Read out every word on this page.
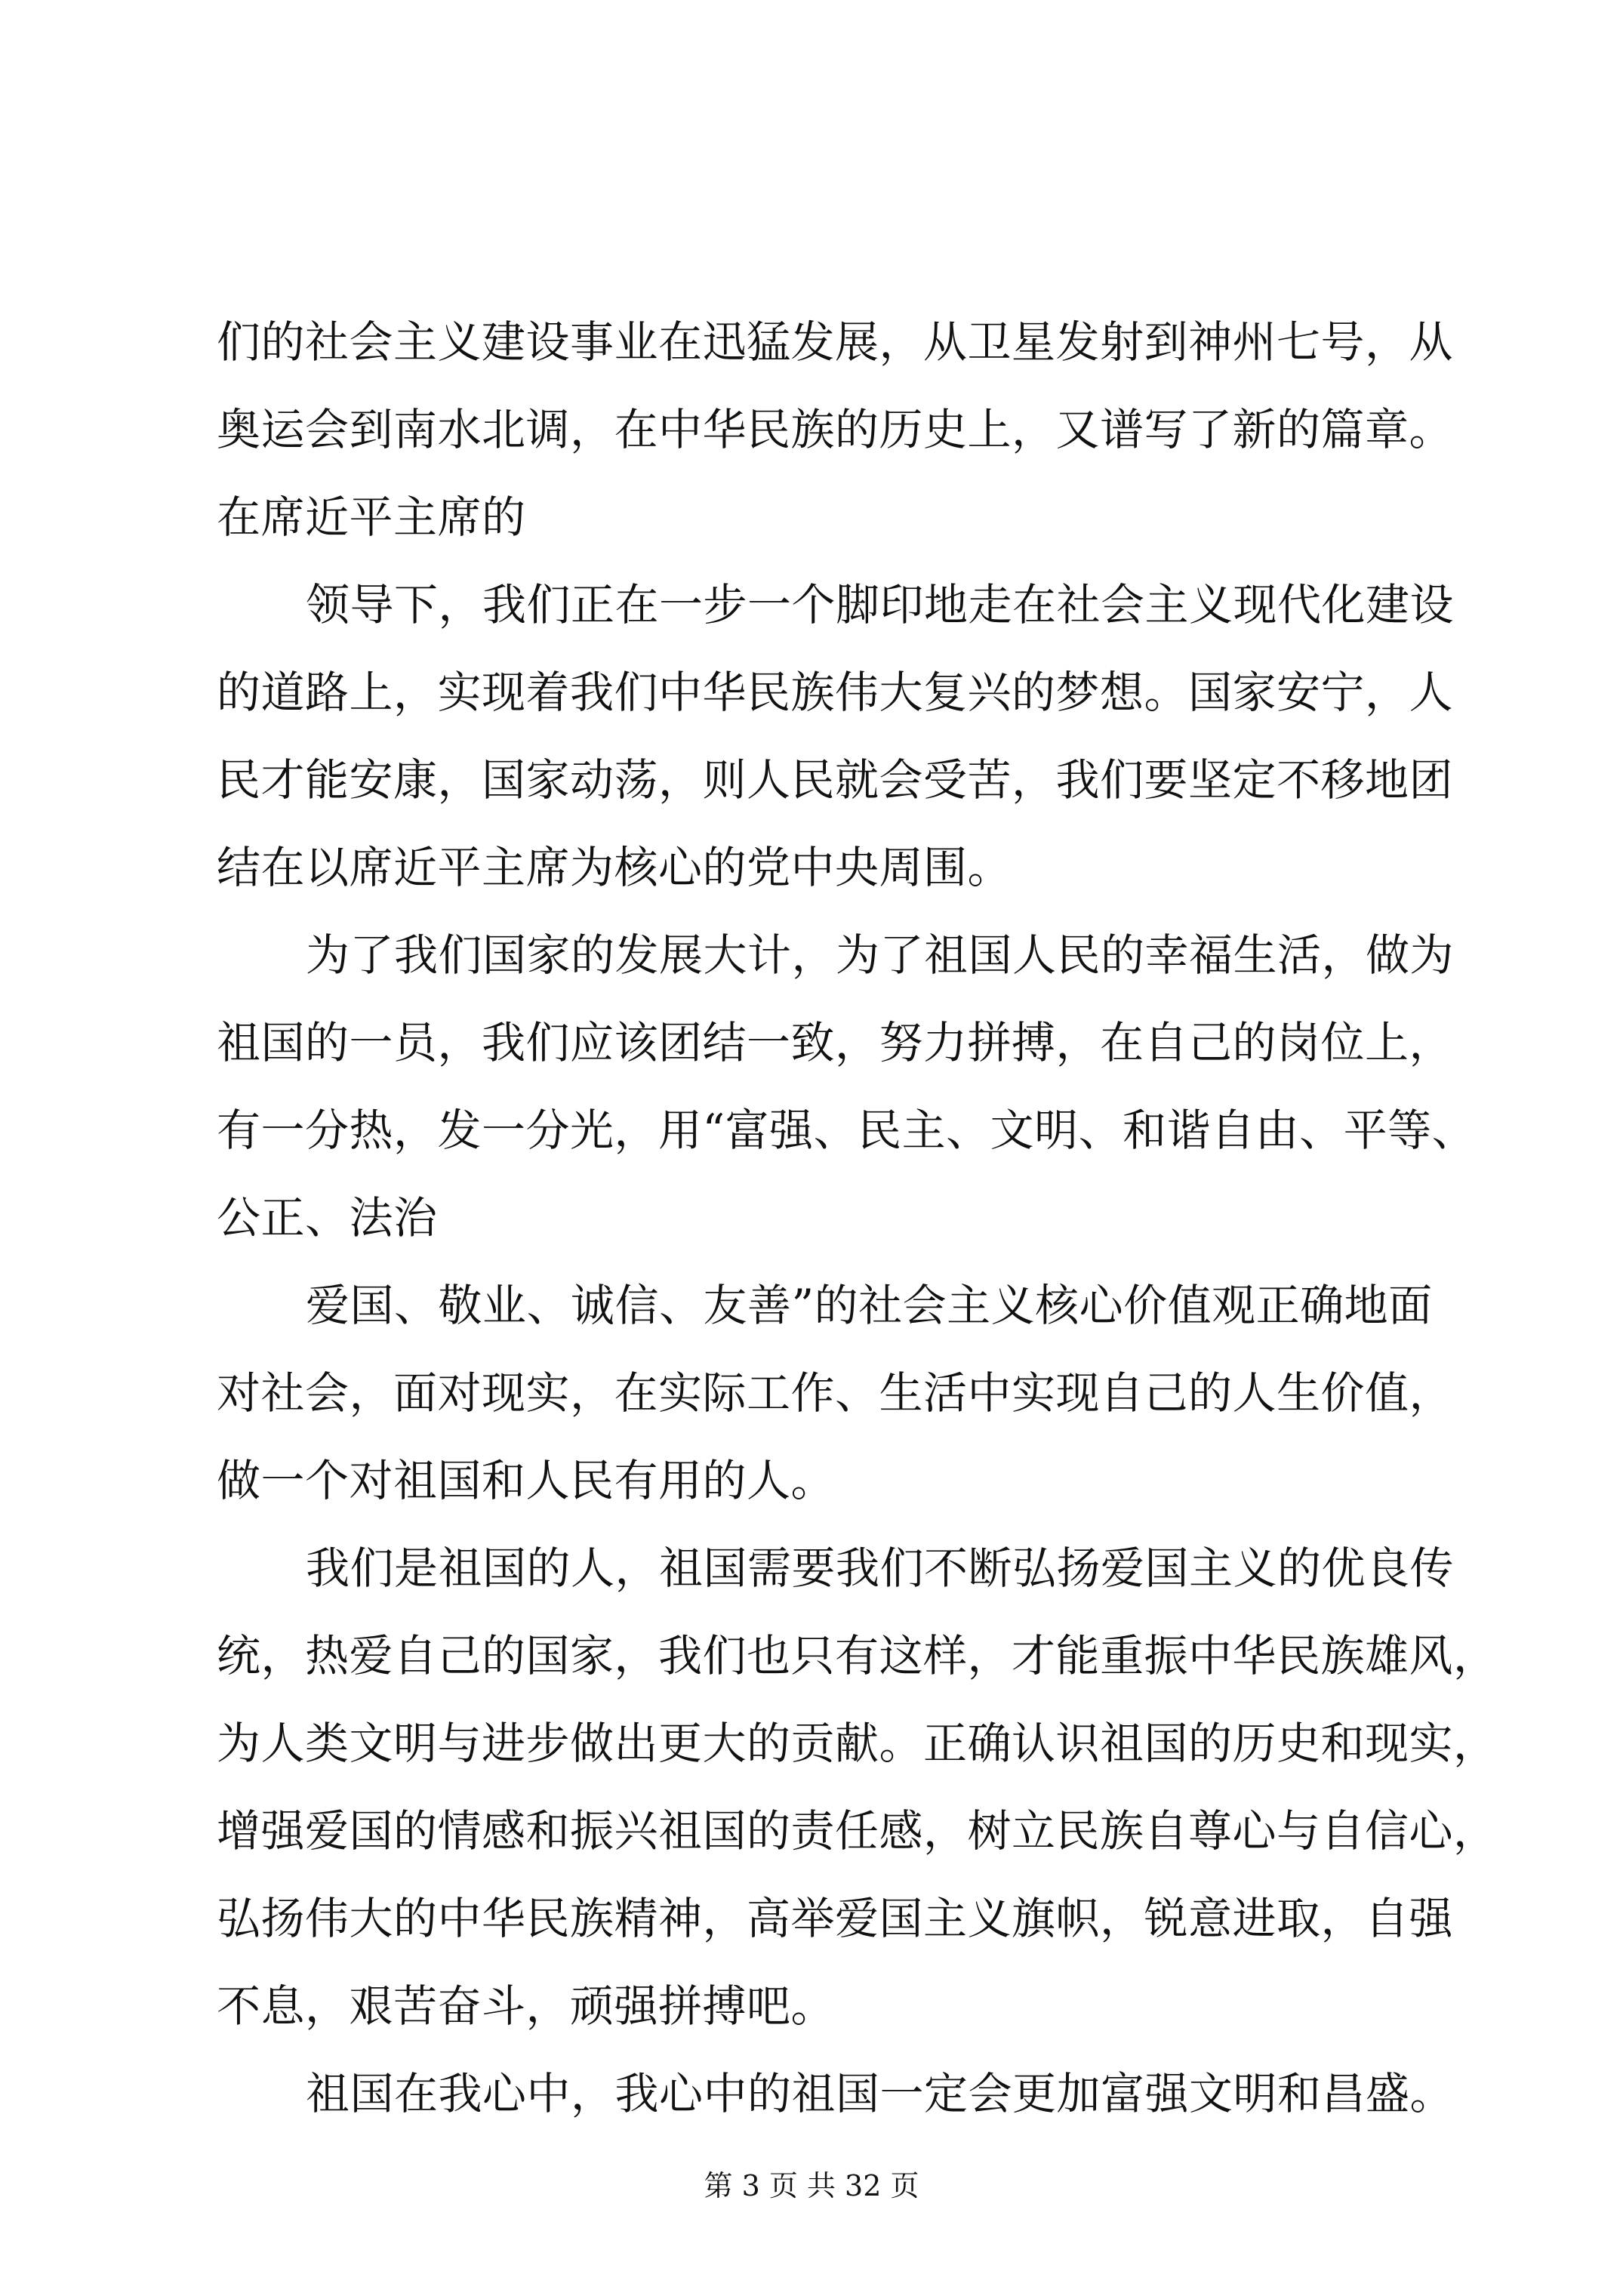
们的社会主义建设事业在迅猛发展，从卫星发射到神州七号，从
奥运会到南水北调，在中华民族的历史上，又谱写了新的篇章。
在席近平主席的
领导下，我们正在一步一个脚印地走在社会主义现代化建设
的道路上，实现着我们中华民族伟大复兴的梦想。国家安宁，人
民才能安康，国家动荡，则人民就会受苦，我们要坚定不移地团
结在以席近平主席为核心的党中央周围。
为了我们国家的发展大计，为了祖国人民的幸福生活，做为
祖国的一员，我们应该团结一致，努力拼搏，在自己的岗位上，
有一分热，发一分光，用“富强、民主、文明、和谐自由、平等、
公正、法治
爱国、敬业、诚信、友善”的社会主义核心价值观正确地面
对社会，面对现实，在实际工作、生活中实现自己的人生价值，
做一个对祖国和人民有用的人。
我们是祖国的人，祖国需要我们不断弘扬爱国主义的优良传
统，热爱自己的国家，我们也只有这样，才能重振中华民族雄风，
为人类文明与进步做出更大的贡献。正确认识祖国的历史和现实，
增强爱国的情感和振兴祖国的责任感，树立民族自尊心与自信心，
弘扬伟大的中华民族精神，高举爱国主义旗帜，锐意进取，自强
不息，艰苦奋斗，顽强拼搏吧。
祖国在我心中，我心中的祖国一定会更加富强文明和昌盛。
第 3 页 共 32 页
